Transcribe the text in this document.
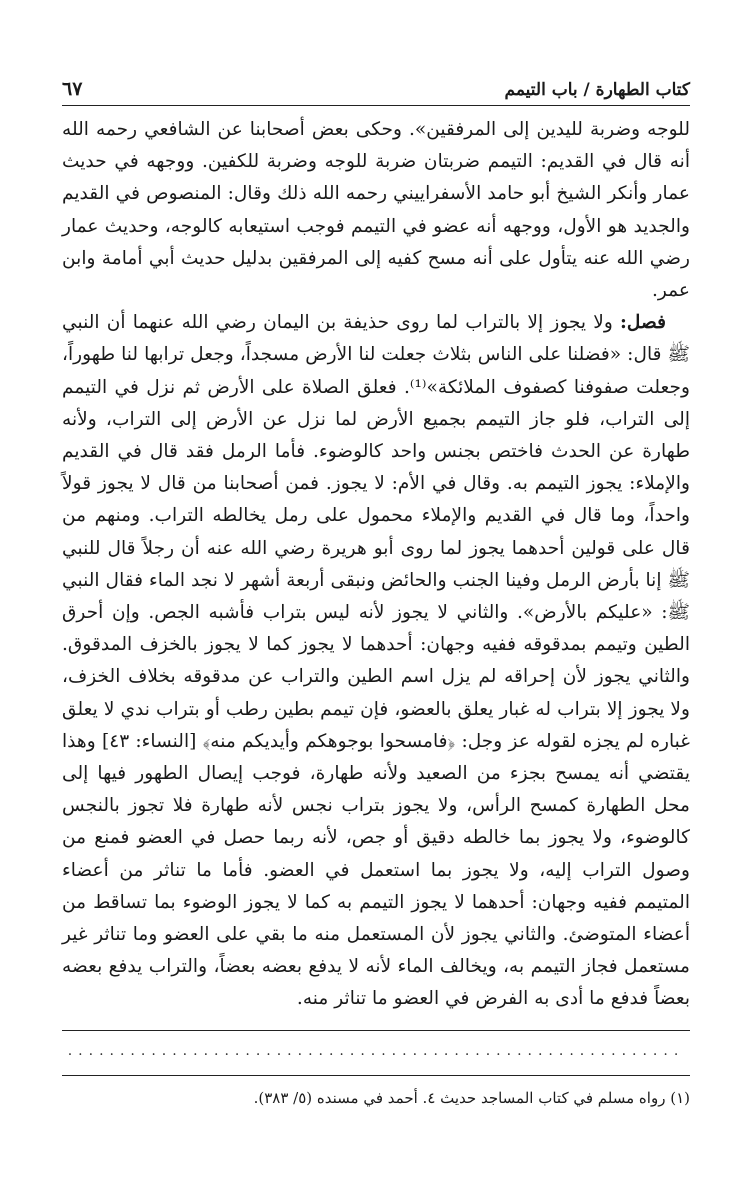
كتاب الطهارة / باب التيمم
٦٧

للوجه وضربة لليدين إلى المرفقين». وحكى بعض أصحابنا عن الشافعي رحمه الله أنه قال في القديم: التيمم ضربتان ضربة للوجه وضربة للكفين. ووجهه في حديث عمار وأنكر الشيخ أبو حامد الأسفراييني رحمه الله ذلك وقال: المنصوص في القديم والجديد هو الأول، ووجهه أنه عضو في التيمم فوجب استيعابه كالوجه، وحديث عمار رضي الله عنه يتأول على أنه مسح كفيه إلى المرفقين بدليل حديث أبي أمامة وابن عمر.

فصل: ولا يجوز إلا بالتراب لما روى حذيفة بن اليمان رضي الله عنهما أن النبي ﷺ قال: «فضلنا على الناس بثلاث جعلت لنا الأرض مسجداً، وجعل ترابها لنا طهوراً، وجعلت صفوفنا كصفوف الملائكة»⁽¹⁾. فعلق الصلاة على الأرض ثم نزل في التيمم إلى التراب، فلو جاز التيمم بجميع الأرض لما نزل عن الأرض إلى التراب، ولأنه طهارة عن الحدث فاختص بجنس واحد كالوضوء. فأما الرمل فقد قال في القديم والإملاء: يجوز التيمم به. وقال في الأم: لا يجوز. فمن أصحابنا من قال لا يجوز قولاً واحداً، وما قال في القديم والإملاء محمول على رمل يخالطه التراب. ومنهم من قال على قولين أحدهما يجوز لما روى أبو هريرة رضي الله عنه أن رجلاً قال للنبي ﷺ إنا بأرض الرمل وفينا الجنب والحائض ونبقى أربعة أشهر لا نجد الماء فقال النبي ﷺ: «عليكم بالأرض». والثاني لا يجوز لأنه ليس بتراب فأشبه الجص. وإن أحرق الطين وتيمم بمدقوقه ففيه وجهان: أحدهما لا يجوز كما لا يجوز بالخزف المدقوق. والثاني يجوز لأن إحراقه لم يزل اسم الطين والتراب عن مدقوقه بخلاف الخزف، ولا يجوز إلا بتراب له غبار يعلق بالعضو، فإن تيمم بطين رطب أو بتراب ندي لا يعلق غباره لم يجزه لقوله عز وجل: ﴿فامسحوا بوجوهكم وأيديكم منه﴾ [النساء: ٤٣] وهذا يقتضي أنه يمسح بجزء من الصعيد ولأنه طهارة، فوجب إيصال الطهور فيها إلى محل الطهارة كمسح الرأس، ولا يجوز بتراب نجس لأنه طهارة فلا تجوز بالنجس كالوضوء، ولا يجوز بما خالطه دقيق أو جص، لأنه ربما حصل في العضو فمنع من وصول التراب إليه، ولا يجوز بما استعمل في العضو. فأما ما تناثر من أعضاء المتيمم ففيه وجهان: أحدهما لا يجوز التيمم به كما لا يجوز الوضوء بما تساقط من أعضاء المتوضئ. والثاني يجوز لأن المستعمل منه ما بقي على العضو وما تناثر غير مستعمل فجاز التيمم به، ويخالف الماء لأنه لا يدفع بعضه بعضاً، والتراب يدفع بعضه بعضاً فدفع ما أدى به الفرض في العضو ما تناثر منه.

...........................................................
(١) رواه مسلم في كتاب المساجد حديث ٤. أحمد في مسنده (٥/ ٣٨٣).
